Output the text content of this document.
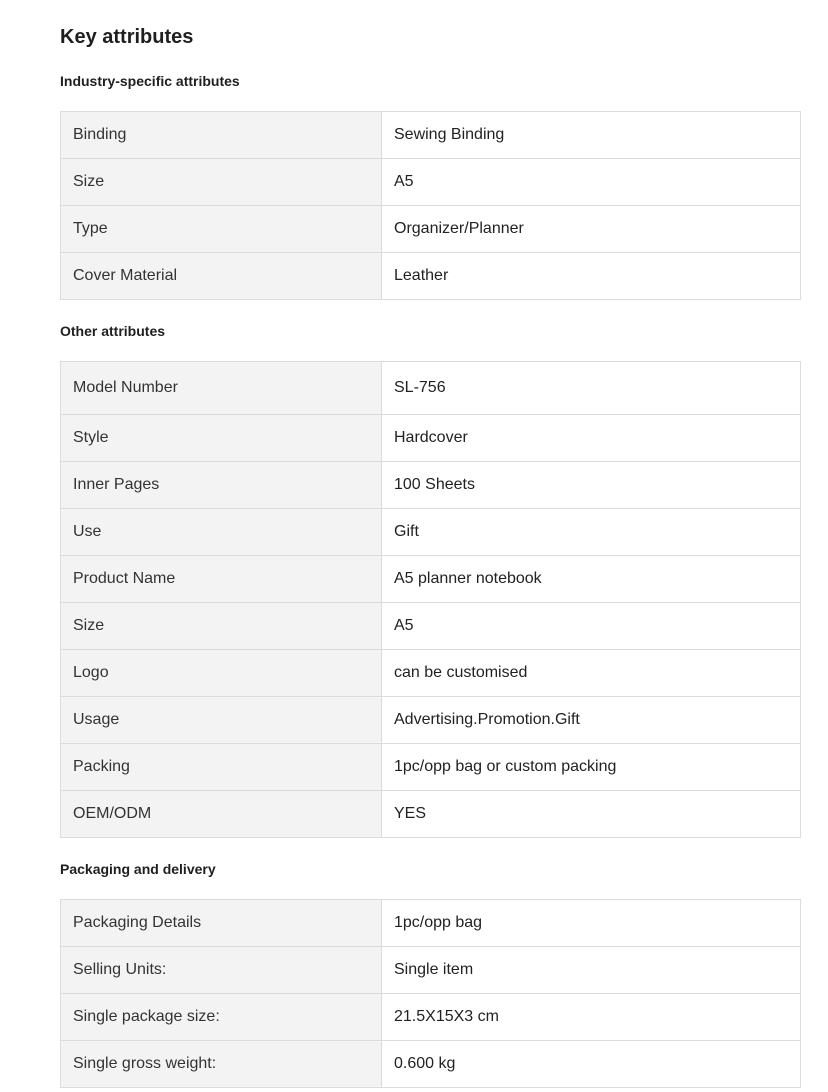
Key attributes
Industry-specific attributes
Binding	Sewing Binding
Size	A5
Type	Organizer/Planner
Cover Material	Leather
Other attributes
Model Number	SL-756
Style	Hardcover
Inner Pages	100 Sheets
Use	Gift
Product Name	A5 planner notebook
Size	A5
Logo	can be customised
Usage	Advertising.Promotion.Gift
Packing	1pc/opp bag or custom packing
OEM/ODM	YES
Packaging and delivery
Packaging Details	1pc/opp bag
Selling Units:	Single item
Single package size:	21.5X15X3 cm
Single gross weight:	0.600 kg
